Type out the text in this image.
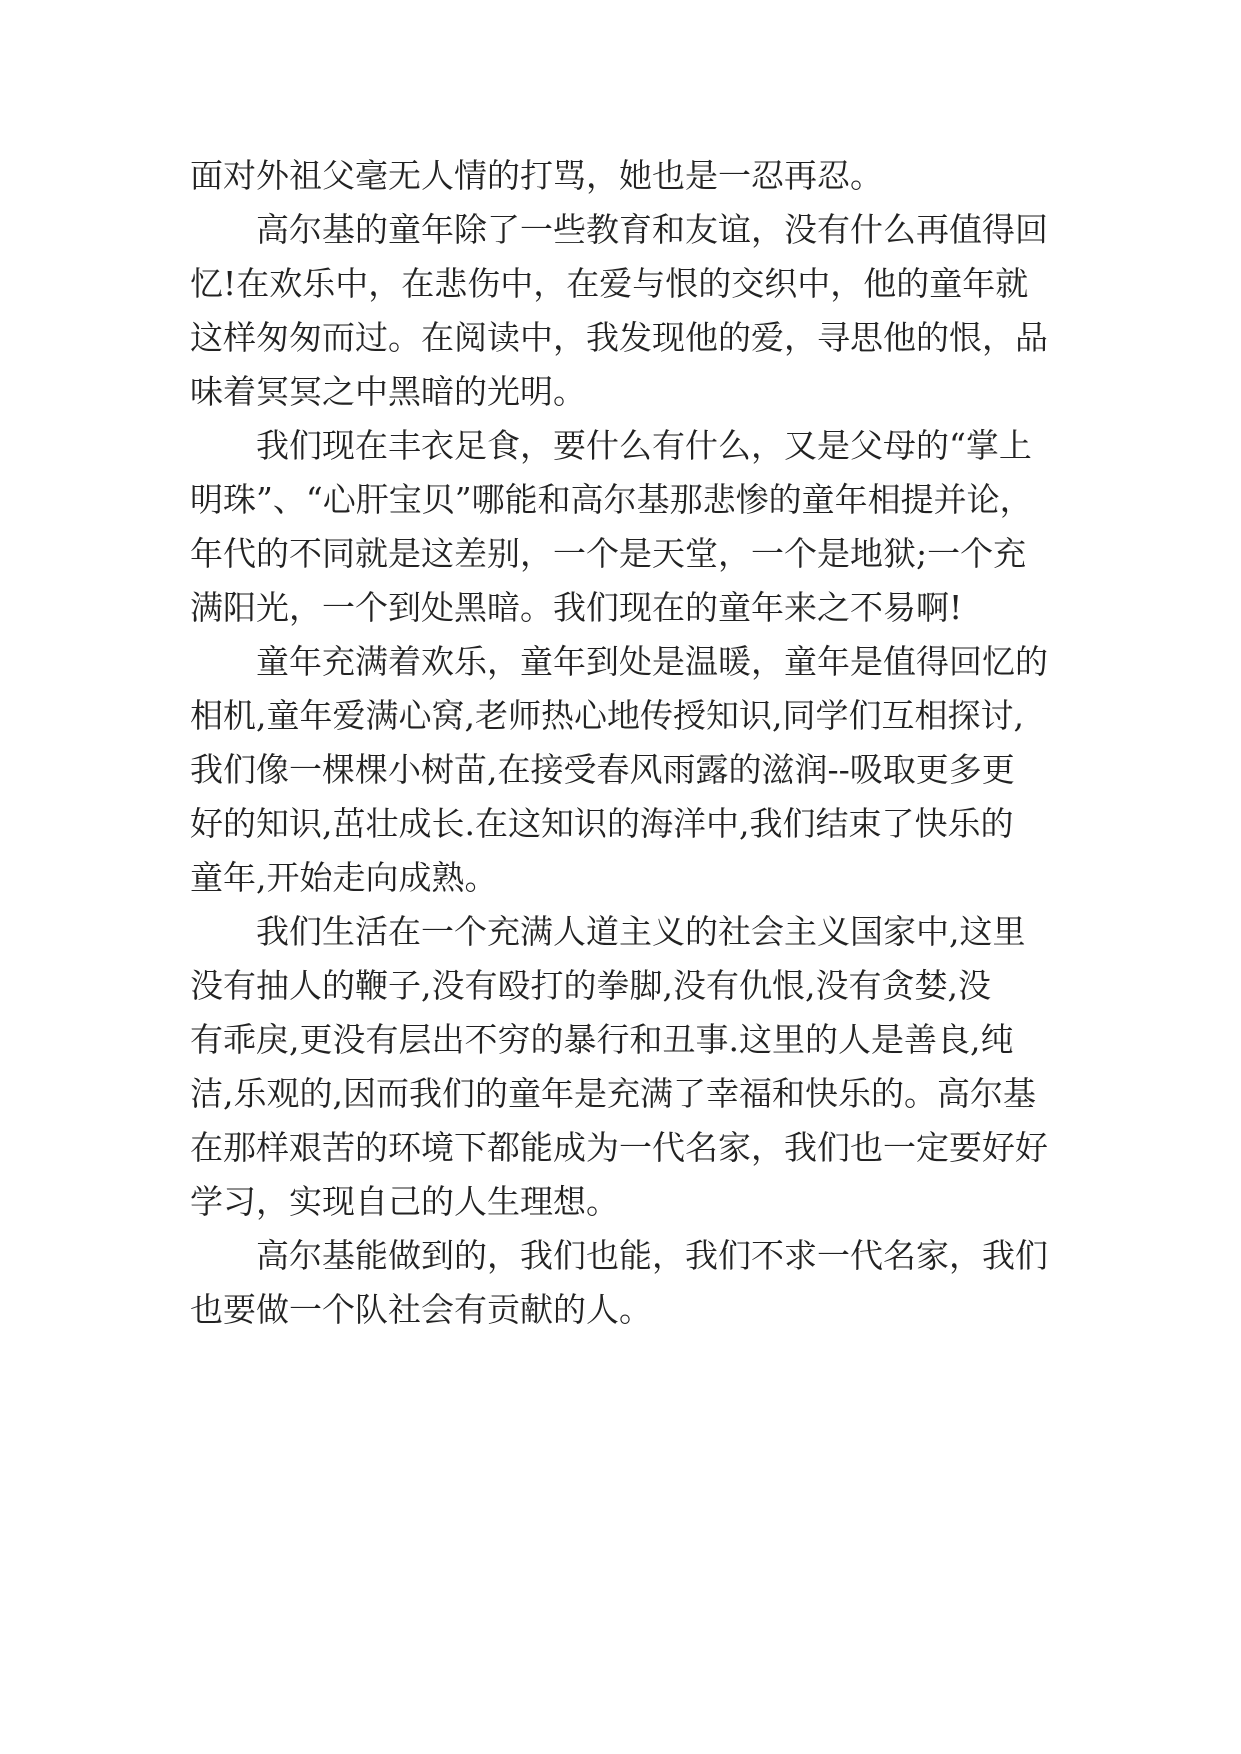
面对外祖父毫无人情的打骂，她也是一忍再忍。
高尔基的童年除了一些教育和友谊，没有什么再值得回
忆!在欢乐中，在悲伤中，在爱与恨的交织中，他的童年就
这样匆匆而过。在阅读中，我发现他的爱，寻思他的恨，品
味着冥冥之中黑暗的光明。
我们现在丰衣足食，要什么有什么，又是父母的“掌上
明珠”、“心肝宝贝”哪能和高尔基那悲惨的童年相提并论，
年代的不同就是这差别，一个是天堂，一个是地狱;一个充
满阳光，一个到处黑暗。我们现在的童年来之不易啊!
童年充满着欢乐，童年到处是温暖，童年是值得回忆的
相机,童年爱满心窝,老师热心地传授知识,同学们互相探讨,
我们像一棵棵小树苗,在接受春风雨露的滋润--吸取更多更
好的知识,茁壮成长.在这知识的海洋中,我们结束了快乐的
童年,开始走向成熟。
我们生活在一个充满人道主义的社会主义国家中,这里
没有抽人的鞭子,没有殴打的拳脚,没有仇恨,没有贪婪,没
有乖戾,更没有层出不穷的暴行和丑事.这里的人是善良,纯
洁,乐观的,因而我们的童年是充满了幸福和快乐的。高尔基
在那样艰苦的环境下都能成为一代名家，我们也一定要好好
学习，实现自己的人生理想。
高尔基能做到的，我们也能，我们不求一代名家，我们
也要做一个队社会有贡献的人。
